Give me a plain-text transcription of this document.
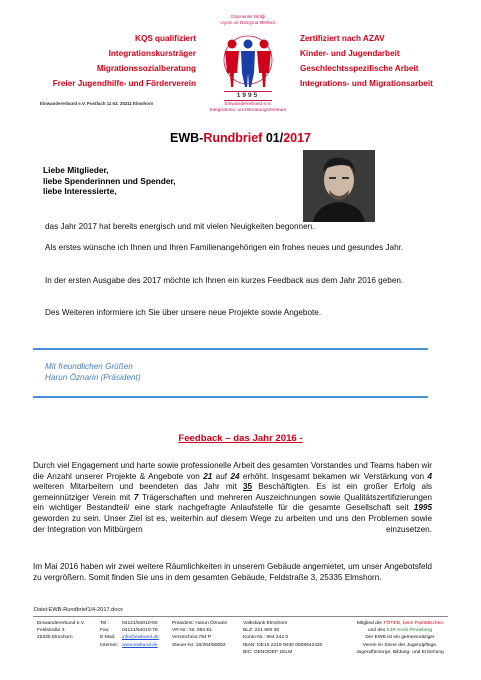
KQS qualifiziert
Integrationskursträger
Migrationssozialberatung
Freier Jugendhilfe- und Förderverein
Göçmenler Birliği
Uyum ve Danışma Merkezi
1995
Einwandererbund e.V.
Integrations- und Beratungszentrum
Zertifiziert nach AZAV
Kinder- und Jugendarbeit
Geschlechtsspezifische Arbeit
Integrations- und Migrationsarbeit
Einwandererbund e.V. Postfach 11 63, 25311 Elmshorn
EWB-Rundbrief 01/2017
Liebe Mitglieder,
liebe Spenderinnen und Spender,
liebe Interessierte,
das Jahr 2017 hat bereits energisch und mit vielen Neuigkeiten begonnen.
Als erstes wünsche ich Ihnen und Ihren Familienangehörigen ein frohes neues und gesundes Jahr.
In der ersten Ausgabe des 2017 möchte ich Ihnen ein kurzes Feedback aus dem Jahr 2016 geben.
Des Weiteren informiere ich Sie über unsere neue Projekte sowie Angebote.
Mit freundlichen Grüßen
Harun Öznarin (Präsident)
Feedback – das Jahr 2016 -
Durch viel Engagement und harte sowie professionelle Arbeit des gesamten Vorstandes und Teams haben wir die Anzahl unserer Projekte & Angebote von 21 auf 24 erhöht. Insgesamt bekamen wir Verstärkung von 4 weiteren Mitarbeitern und beendeten das Jahr mit 35 Beschäftigten. Es ist ein großer Erfolg als gemeinnütziger Verein mit 7 Trägerschaften und mehreren Auszeichnungen sowie Qualitätszertifizierungen ein wichtiger Bestandteil/ eine stark nachgefragte Anlaufstelle für die gesamte Gesellschaft seit 1995 geworden zu sein. Unser Ziel ist es, weiterhin auf diesem Wege zu arbeiten und uns den Problemen sowie der Integration von Mitbürgern	einzusetzen.
Im Mai 2016 haben wir zwei weitere Räumlichkeiten in unserem Gebäude angemietet, um unser Angebotsfeld zu vergrößern. Somit finden Sie uns in dem gesamten Gebäude, Feldstraße 3, 25335 Elmshorn.
Datei:EWB-Rundbrief1/4-2017.docx
Einwandererbund e.V.
Feldstraße 3
25335 Elmshorn
Tel.:
Fax:
E-Mail:
Internet:
04121/64010-60
04121/64010-79
info@ewbund.de
www.ewbund.de
Präsident: Harun Öznarin
VR-Nr.: Nr. 994 EL
Verzeichnis:794 P
Steuer-Nr.:18/294/80652
Volksbank Elmshorn
BLZ: 221 900 30
Konto-Nr.: 864 242 0
IBAN: DE16 2219 0030 0008642420
BIC: GENODEF 1ELM
Mitglied der FÖTED, beim Paritätischen
und des KJR Kreis Pinneberg
Der EWB ist ein gemeinnütziger
Verein im Sinne der Jugendpflege,
Jugendfürsorge, Bildung- und Erziehung
